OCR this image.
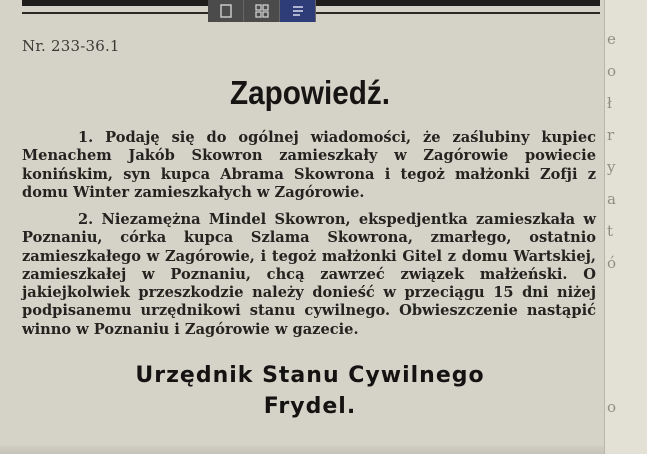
Nr. 233-36.1
Zapowiedź.
1. Podaję się do ogólnej wiadomości, że zaślubiny kupiec Menachem Jakób Skowron zamieszkały w Zagórowie powiecie konińskim, syn kupca Abrama Skowrona i tegoż małżonki Zofji z domu Winter zamieszkałych w Zagórowie.
2. Niezamężna Mindel Skowron, ekspedjentka zamieszkała w Poznaniu, córka kupca Szlama Skowrona, zmarłego, ostatnio zamieszkałego w Zagórowie, i tegoż małżonki Gitel z domu Wartskiej, zamieszkałej w Poznaniu, chcą zawrzeć związek małżeński. O jakiejkolwiek przeszkodzie należy donieść w przeciągu 15 dni niżej podpisanemu urzędnikowi stanu cywilnego. Obwieszczenie nastąpić winno w Poznaniu i Zagórowie w gazecie.
Urzędnik Stanu Cywilnego
Frydel.
e
o
ł
r
y
a
t
ó
o
